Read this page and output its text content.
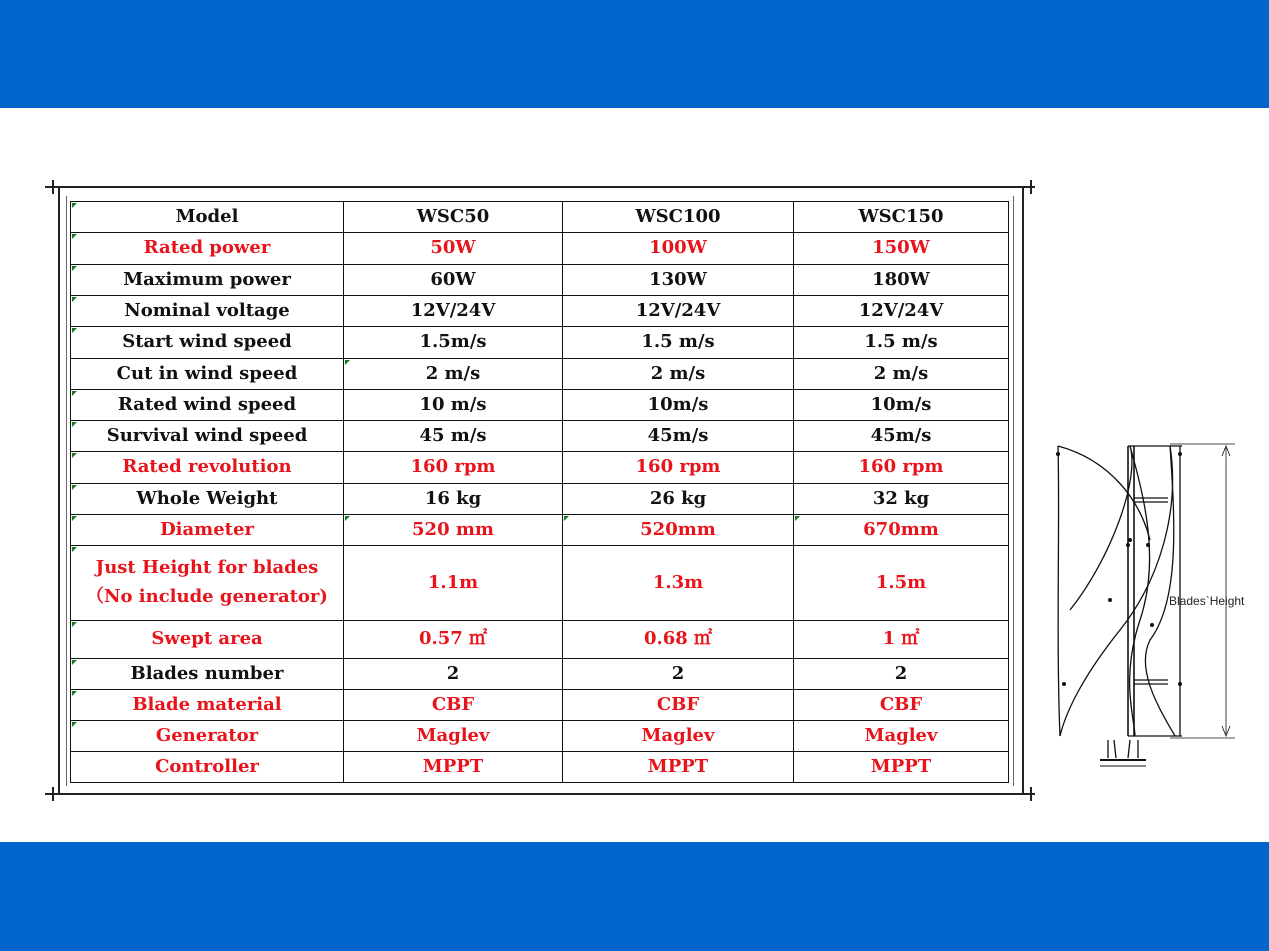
Model	WSC50	WSC100	WSC150
Rated power	50W	100W	150W
Maximum power	60W	130W	180W
Nominal voltage	12V/24V	12V/24V	12V/24V
Start wind speed	1.5m/s	1.5 m/s	1.5 m/s
Cut in wind speed	2 m/s	2 m/s	2 m/s
Rated wind speed	10 m/s	10m/s	10m/s
Survival wind speed	45 m/s	45m/s	45m/s
Rated revolution	160 rpm	160 rpm	160 rpm
Whole Weight	16 kg	26 kg	32 kg
Diameter	520 mm	520mm	670mm
Just Height for blades
（No include generator)	1.1m	1.3m	1.5m
Swept area	0.57 ㎡	0.68 ㎡	1 ㎡
Blades number	2	2	2
Blade material	CBF	CBF	CBF
Generator	Maglev	Maglev	Maglev
Controller	MPPT	MPPT	MPPT
Blades`Height
